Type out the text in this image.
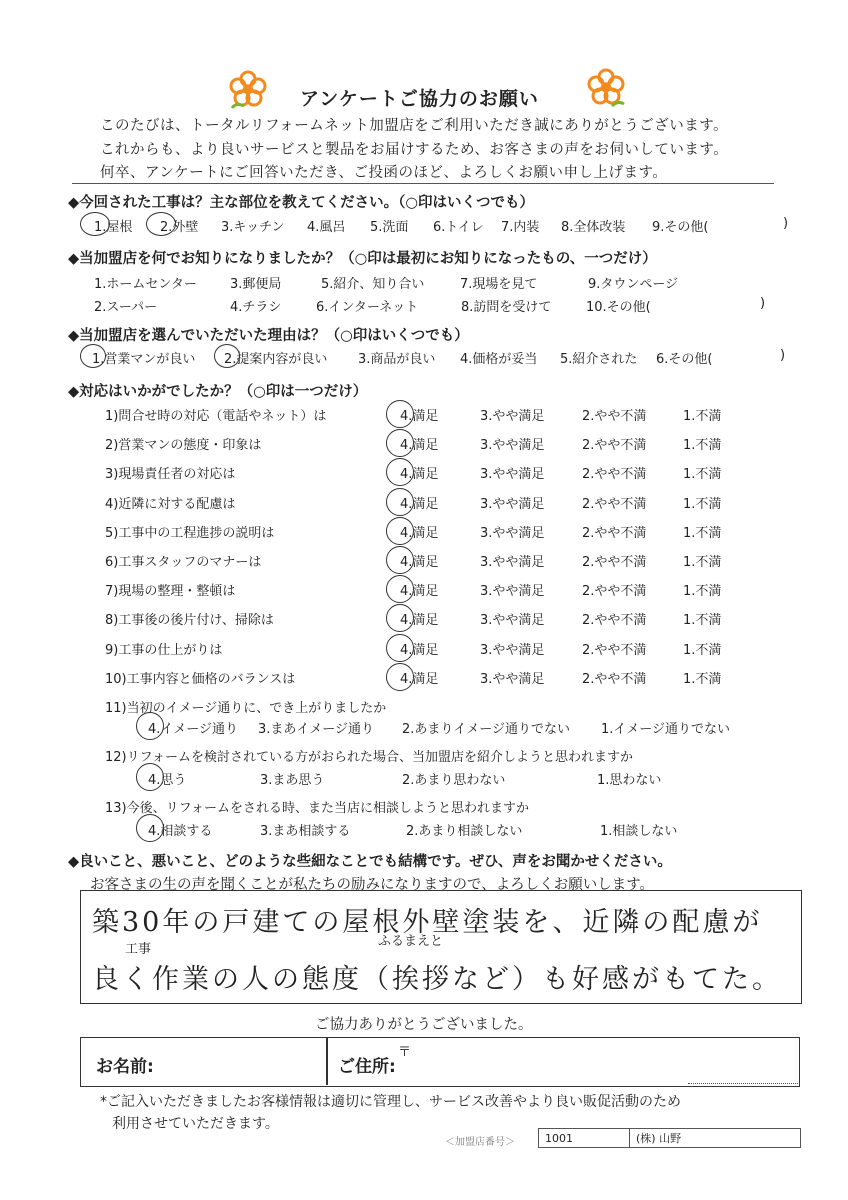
アンケートご協力のお願い
このたびは、トータルリフォームネット加盟店をご利用いただき誠にありがとうございます。
これからも、より良いサービスと製品をお届けするため、お客さまの声をお伺いしています。
何卒、アンケートにご回答いただき、ご投函のほど、よろしくお願い申し上げます。
◆今回された工事は？主な部位を教えてください。（○印はいくつでも）
1.屋根 2.外壁 3.キッチン 4.風呂 5.洗面 6.トイレ 7.内装 8.全体改装 9.その他(	)
◆当加盟店を何でお知りになりましたか？（○印は最初にお知りになったもの、一つだけ）
1.ホームセンター	3.郵便局	5.紹介、知り合い	7.現場を見て	9.タウンページ
2.スーパー	4.チラシ	6.インターネット	8.訪問を受けて	10.その他(	)
◆当加盟店を選んでいただいた理由は？（○印はいくつでも）
1.営業マンが良い 2.提案内容が良い 3.商品が良い 4.価格が妥当 5.紹介された 6.その他(	)
◆対応はいかがでしたか？（○印は一つだけ）
1)問合せ時の対応（電話やネット）は	4.満足	3.やや満足	2.やや不満	1.不満
2)営業マンの態度・印象は	4.満足	3.やや満足	2.やや不満	1.不満
3)現場責任者の対応は	4.満足	3.やや満足	2.やや不満	1.不満
4)近隣に対する配慮は	4.満足	3.やや満足	2.やや不満	1.不満
5)工事中の工程進捗の説明は	4.満足	3.やや満足	2.やや不満	1.不満
6)工事スタッフのマナーは	4.満足	3.やや満足	2.やや不満	1.不満
7)現場の整理・整頓は	4.満足	3.やや満足	2.やや不満	1.不満
8)工事後の後片付け、掃除は	4.満足	3.やや満足	2.やや不満	1.不満
9)工事の仕上がりは	4.満足	3.やや満足	2.やや不満	1.不満
10)工事内容と価格のバランスは	4.満足	3.やや満足	2.やや不満	1.不満
11)当初のイメージ通りに、でき上がりましたか
4.イメージ通り 3.まあイメージ通り 2.あまりイメージ通りでない 1.イメージ通りでない
12)リフォームを検討されている方がおられた場合、当加盟店を紹介しようと思われますか
4.思う	3.まあ思う	2.あまり思わない	1.思わない
13)今後、リフォームをされる時、また当店に相談しようと思われますか
4.相談する	3.まあ相談する	2.あまり相談しない	1.相談しない
◆良いこと、悪いこと、どのような些細なことでも結構です。ぜひ、声をお聞かせください。
お客さまの生の声を聞くことが私たちの励みになりますので、よろしくお願いします。
築30年の戸建ての屋根外壁塗装を、近隣の配慮が
工事
ふるまえと
良く作業の人の態度（挨拶など）も好感がもてた。
ご協力ありがとうございました。
お名前:	ご住所:
〒
*ご記入いただきましたお客様情報は適切に管理し、サービス改善やより良い販促活動のため
利用させていただきます。
＜加盟店番号＞	1001	(株) 山野
